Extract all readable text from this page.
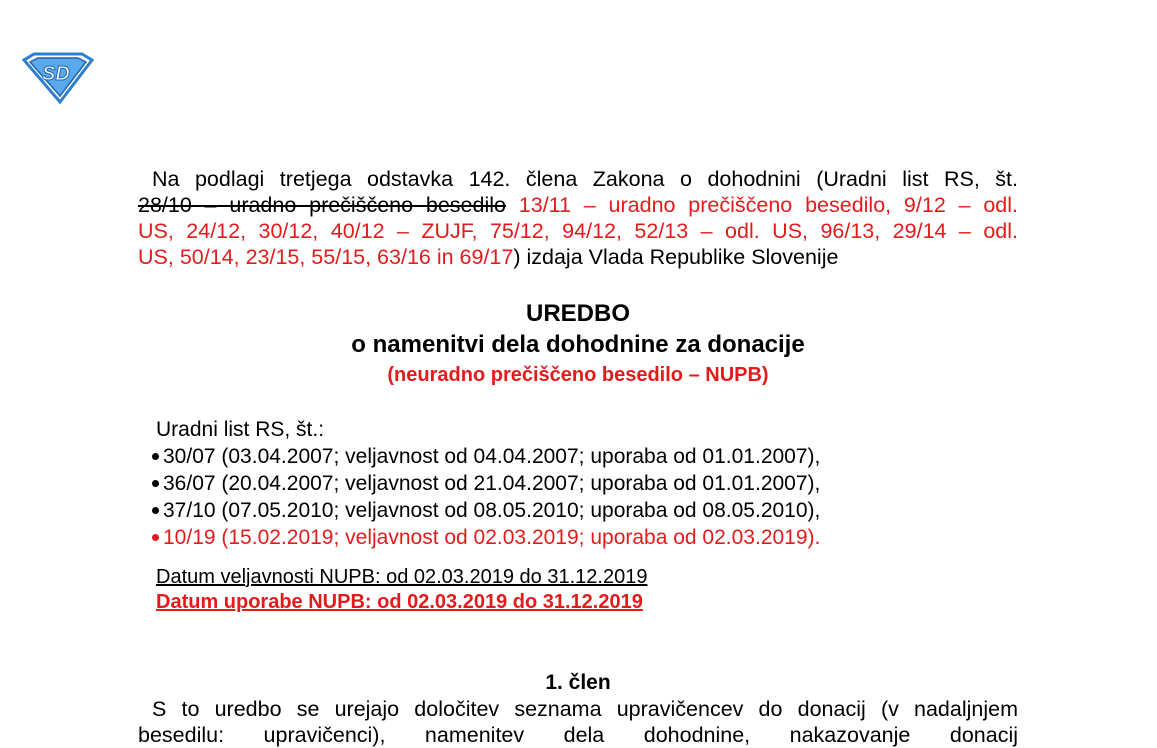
SD
Na podlagi tretjega odstavka 142. člena Zakona o dohodnini (Uradni list RS, št.
28/10 – uradno prečiščeno besedilo 13/11 – uradno prečiščeno besedilo, 9/12 – odl.
US, 24/12, 30/12, 40/12 – ZUJF, 75/12, 94/12, 52/13 – odl. US, 96/13, 29/14 – odl.
US, 50/14, 23/15, 55/15, 63/16 in 69/17) izdaja Vlada Republike Slovenije
UREDBO
o namenitvi dela dohodnine za donacije
(neuradno prečiščeno besedilo – NUPB)
Uradni list RS, št.:
30/07 (03.04.2007; veljavnost od 04.04.2007; uporaba od 01.01.2007),
36/07 (20.04.2007; veljavnost od 21.04.2007; uporaba od 01.01.2007),
37/10 (07.05.2010; veljavnost od 08.05.2010; uporaba od 08.05.2010),
10/19 (15.02.2019; veljavnost od 02.03.2019; uporaba od 02.03.2019).
Datum veljavnosti NUPB: od 02.03.2019 do 31.12.2019
Datum uporabe NUPB: od 02.03.2019 do 31.12.2019
1. člen
S to uredbo se urejajo določitev seznama upravičencev do donacij (v nadaljnjem
besedilu: upravičenci), namenitev dela dohodnine, nakazovanje donacij
